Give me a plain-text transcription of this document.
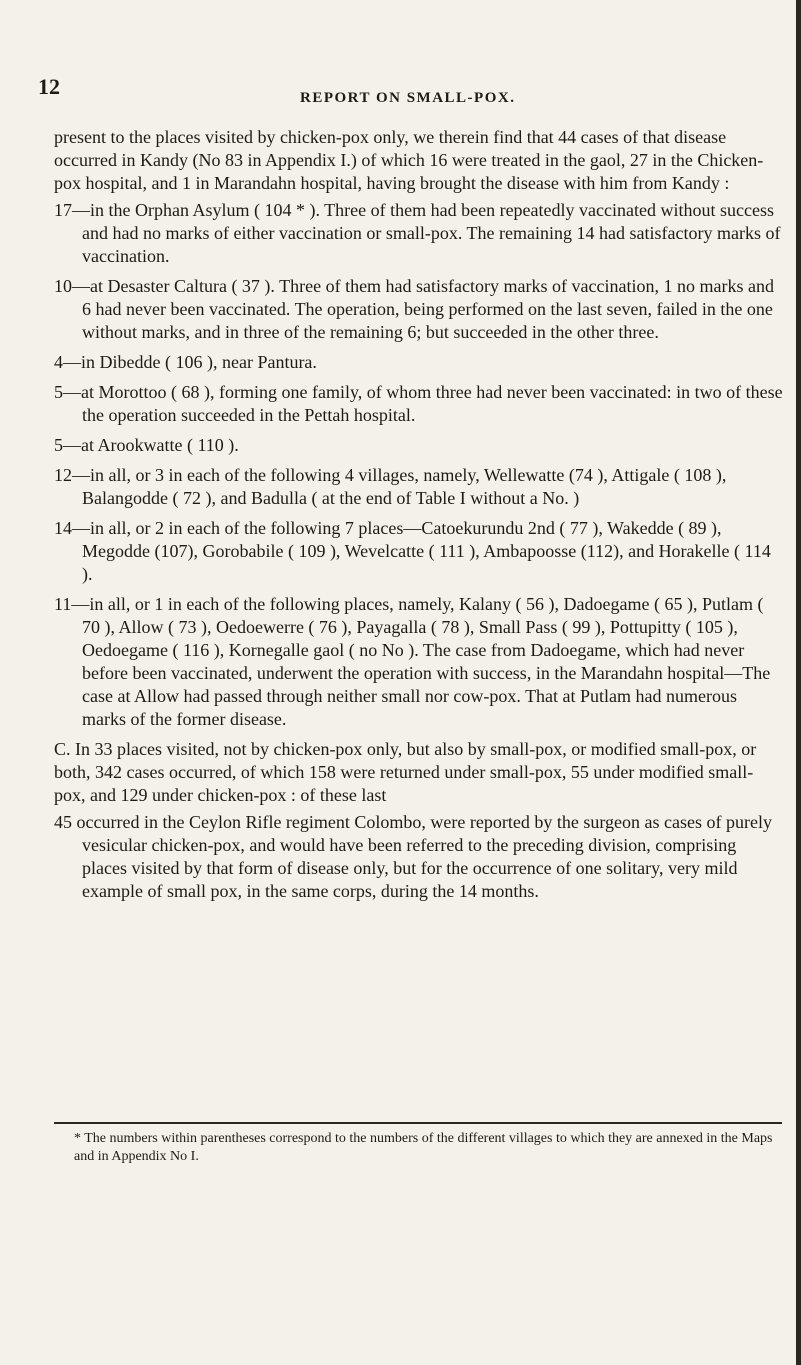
12	REPORT ON SMALL-POX.
present to the places visited by chicken-pox only, we therein find that 44 cases of that disease occurred in Kandy (No 83 in Appendix I.) of which 16 were treated in the gaol, 27 in the Chicken-pox hospital, and 1 in Marandahn hospital, having brought the disease with him from Kandy :
17—in the Orphan Asylum ( 104 * ). Three of them had been repeatedly vaccinated without success and had no marks of either vaccination or small-pox. The remaining 14 had satisfactory marks of vaccination.
10—at Desaster Caltura ( 37 ). Three of them had satisfactory marks of vaccination, 1 no marks and 6 had never been vaccinated. The operation, being performed on the last seven, failed in the one without marks, and in three of the remaining 6; but succeeded in the other three.
4—in Dibedde ( 106 ), near Pantura.
5—at Morottoo ( 68 ), forming one family, of whom three had never been vaccinated: in two of these the operation succeeded in the Pettah hospital.
5—at Arookwatte ( 110 ).
12—in all, or 3 in each of the following 4 villages, namely, Wellewatte (74 ), Attigale ( 108 ), Balangodde ( 72 ), and Badulla ( at the end of Table I without a No. )
14—in all, or 2 in each of the following 7 places—Catoekurundu 2nd ( 77 ), Wakedde ( 89 ), Megodde (107), Gorobabile ( 109 ), Wevelcatte ( 111 ), Ambapoosse (112), and Horakelle ( 114 ).
11—in all, or 1 in each of the following places, namely, Kalany ( 56 ), Dadoegame ( 65 ), Putlam ( 70 ), Allow ( 73 ), Oedoewerre ( 76 ), Payagalla ( 78 ), Small Pass ( 99 ), Pottupitty ( 105 ), Oedoegame ( 116 ), Kornegalle gaol ( no No ). The case from Dadoegame, which had never before been vaccinated, underwent the operation with success, in the Marandahn hospital—The case at Allow had passed through neither small nor cow-pox. That at Putlam had numerous marks of the former disease.
C. In 33 places visited, not by chicken-pox only, but also by small-pox, or modified small-pox, or both, 342 cases occurred, of which 158 were returned under small-pox, 55 under modified small-pox, and 129 under chicken-pox : of these last
45 occurred in the Ceylon Rifle regiment Colombo, were reported by the surgeon as cases of purely vesicular chicken-pox, and would have been referred to the preceding division, comprising places visited by that form of disease only, but for the occurrence of one solitary, very mild example of small pox, in the same corps, during the 14 months.
* The numbers within parentheses correspond to the numbers of the different villages to which they are annexed in the Maps and in Appendix No I.
